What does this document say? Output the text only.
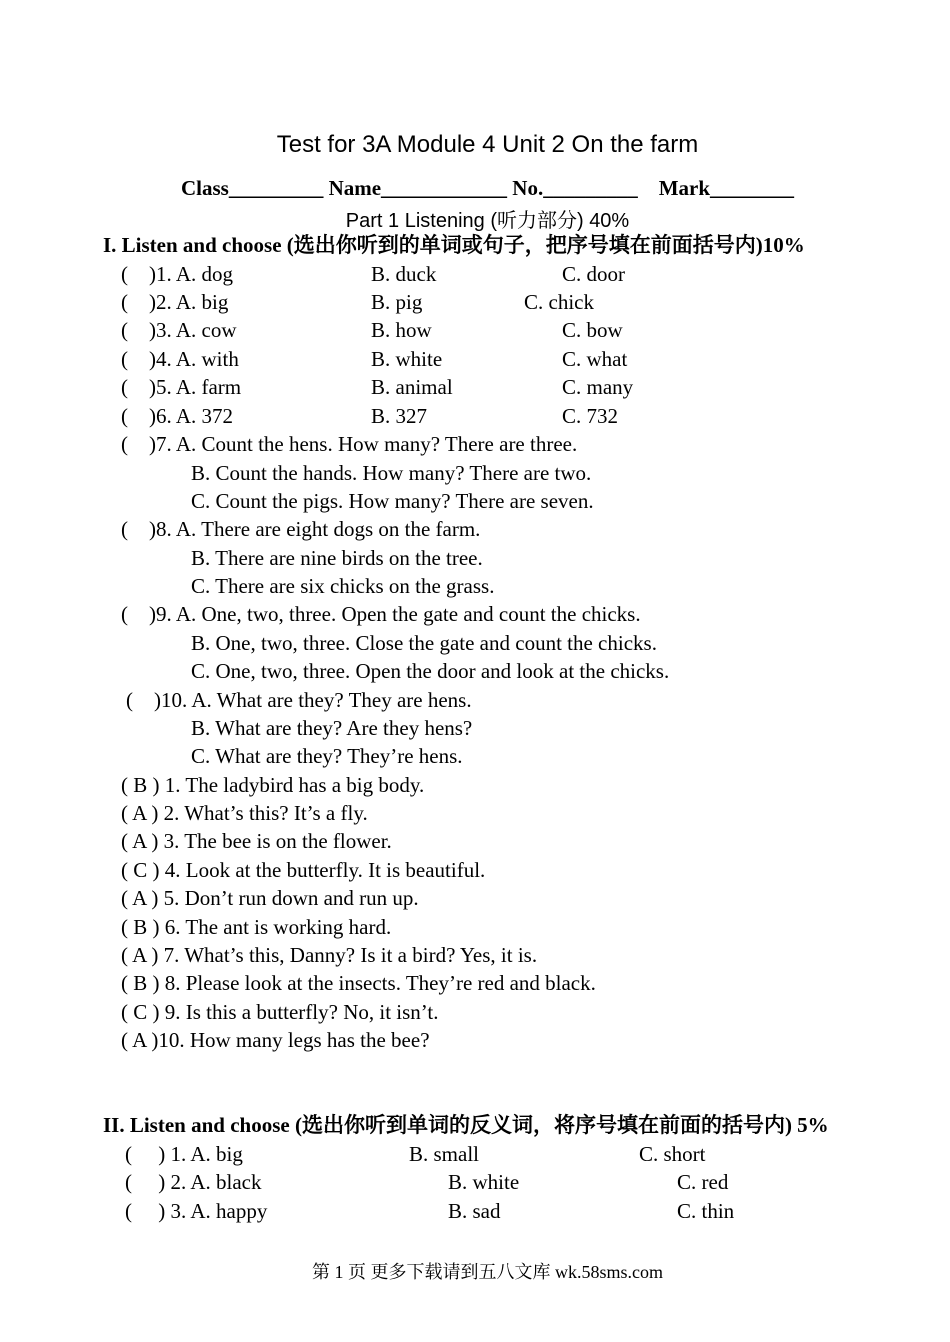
Test for 3A Module 4 Unit 2 On the farm
Class_________ Name____________ No._________    Mark________
Part 1 Listening (听力部分) 40%
I. Listen and choose (选出你听到的单词或句子，把序号填在前面括号内)10%
(    )1. A. dog	B. duck	C. door
(    )2. A. big	B. pig	C. chick
(    )3. A. cow	B. how	C. bow
(    )4. A. with	B. white	C. what
(    )5. A. farm	B. animal	C. many
(    )6. A. 372	B. 327	C. 732
(    )7. A. Count the hens. How many? There are three.
B. Count the hands. How many? There are two.
C. Count the pigs. How many? There are seven.
(    )8. A. There are eight dogs on the farm.
B. There are nine birds on the tree.
C. There are six chicks on the grass.
(    )9. A. One, two, three. Open the gate and count the chicks.
B. One, two, three. Close the gate and count the chicks.
C. One, two, three. Open the door and look at the chicks.
(    )10. A. What are they? They are hens.
B. What are they? Are they hens?
C. What are they? They’re hens.
( B ) 1. The ladybird has a big body.
( A ) 2. What’s this? It’s a fly.
( A ) 3. The bee is on the flower.
( C ) 4. Look at the butterfly. It is beautiful.
( A ) 5. Don’t run down and run up.
( B ) 6. The ant is working hard.
( A ) 7. What’s this, Danny? Is it a bird? Yes, it is.
( B ) 8. Please look at the insects. They’re red and black.
( C ) 9. Is this a butterfly? No, it isn’t.
( A )10. How many legs has the bee?
II. Listen and choose (选出你听到单词的反义词，将序号填在前面的括号内) 5%
(     ) 1. A. big	B. small	C. short
(     ) 2. A. black	B. white	C. red
(     ) 3. A. happy	B. sad	C. thin
第 1 页 更多下载请到五八文库 wk.58sms.com
